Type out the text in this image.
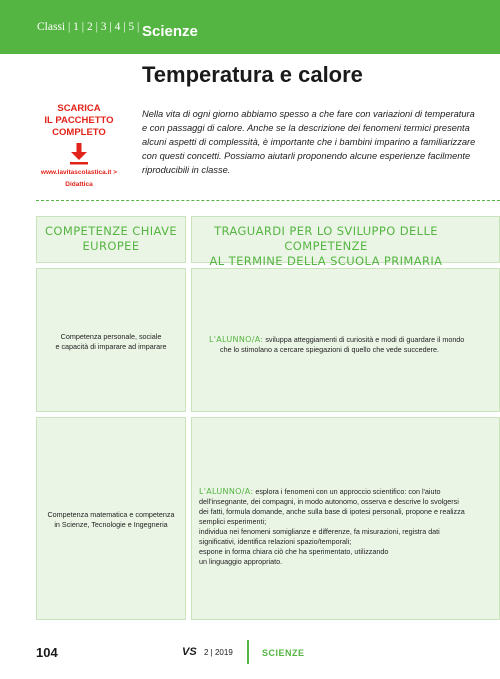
Classi | 1 | 2 | 3 | 4 | 5 | Scienze
Temperatura e calore
SCARICA
IL PACCHETTO
COMPLETO
www.lavitascolastica.it >
Didattica
Nella vita di ogni giorno abbiamo spesso a che fare con variazioni di temperatura e con passaggi di calore. Anche se la descrizione dei fenomeni termici presenta alcuni aspetti di complessità, è importante che i bambini imparino a familiarizzare con questi concetti. Possiamo aiutarli proponendo alcune esperienze facilmente riproducibili in classe.
COMPETENZE CHIAVE
EUROPEE
TRAGUARDI PER LO SVILUPPO DELLE COMPETENZE
AL TERMINE DELLA SCUOLA PRIMARIA
Competenza personale, sociale
e capacità di imparare ad imparare
L'ALUNNO/A: sviluppa atteggiamenti di curiosità e modi di guardare il mondo
che lo stimolano a cercare spiegazioni di quello che vede succedere.
Competenza matematica e competenza
in Scienze, Tecnologie e Ingegneria
L'ALUNNO/A: esplora i fenomeni con un approccio scientifico: con l'aiuto
dell'insegnante, dei compagni, in modo autonomo, osserva e descrive lo svolgersi
dei fatti, formula domande, anche sulla base di ipotesi personali, propone e realizza
semplici esperimenti;
individua nei fenomeni somiglianze e differenze, fa misurazioni, registra dati
significativi, identifica relazioni spazio/temporali;
espone in forma chiara ciò che ha sperimentato, utilizzando
un linguaggio appropriato.
104	VS 2 | 2019	SCIENZE
